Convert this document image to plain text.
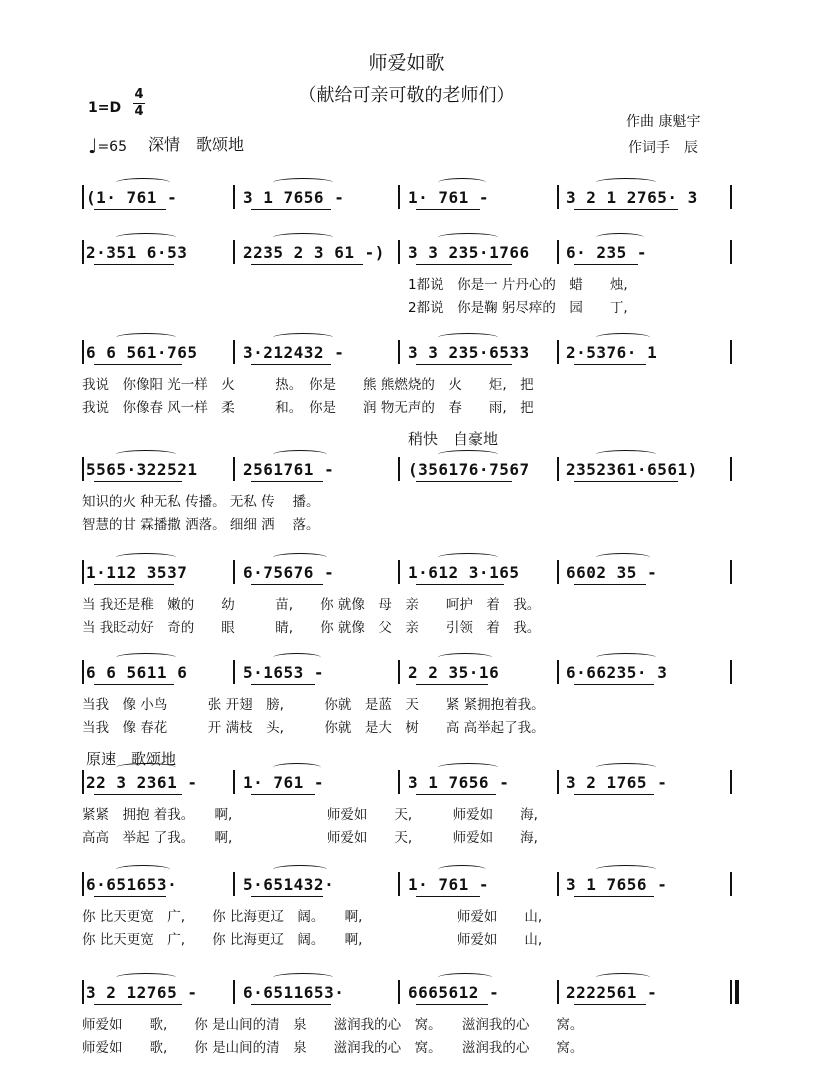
师爱如歌
（献给可亲可敬的老师们）
1=D
4
4
♩=65 深情　歌颂地
作曲 康魁宇
作词手　辰
稍快　自豪地
原速　歌颂地
(1· 761 -	3 1 7656 -	1· 761 -	3 2 1 2765· 3
2·351 6·53	2235 2 3 61 -) 3 3 235·1766 6· 235 -
1都说　你是一 片丹心的　蜡　　烛,
2都说　你是鞠 躬尽瘁的　园　　丁,
6 6 561·765	3·212432 -	3 3 235·6533 2·5376· 1
我说　你像阳 光一样　火　　　热。　你是　　熊 熊燃烧的　火　　炬,　把
我说　你像春 风一样　柔　　　和。　你是　　润 物无声的　春　　雨,　把
5565·322521	2561761 -	(356176·7567 2352361·6561)
知识的火 种无私 传播。 无私 传　 播。
智慧的甘 霖播撒 洒落。 细细 洒　 落。
1·112 3537	6·75676 -	1·612 3·165	6602 35 -
当 我还是稚　嫩的　　幼　　　苗,　　你 就像　母　亲　　呵护　着　我。
当 我眨动好　奇的　　眼　　　睛,　　你 就像　父　亲　　引领　着　我。
6 6 5611 6	5·1653 -	2 2 35·16	6·66235· 3
当我　像 小鸟　　　张 开翅　膀,　　　你就　是蓝　天　　紧 紧拥抱着我。
当我　像 春花　　　开 满枝　头,　　　你就　是大　树　　高 高举起了我。
22 3 2361 -	1· 761 -	3 1 7656 -	3 2 1765 -
紧紧　拥抱 着我。　　啊,　　　　　　　师爱如　　天,　　　师爱如　　海,
高高　举起 了我。　　啊,　　　　　　　师爱如　　天,　　　师爱如　　海,
6·651653·	5·651432·	1· 761 -	3 1 7656 -
你 比天更宽　广,　　你 比海更辽　阔。　　啊,　　　　　　　师爱如　　山,
你 比天更宽　广,　　你 比海更辽　阔。　　啊,　　　　　　　师爱如　　山,
3 2 12765 -	6·6511653·	6665612 -	2222561 -
师爱如　　歌,　　你 是山间的清　泉　　滋润我的心　窝。　　滋润我的心　　窝。
师爱如　　歌,　　你 是山间的清　泉　　滋润我的心　窝。　　滋润我的心　　窝。
